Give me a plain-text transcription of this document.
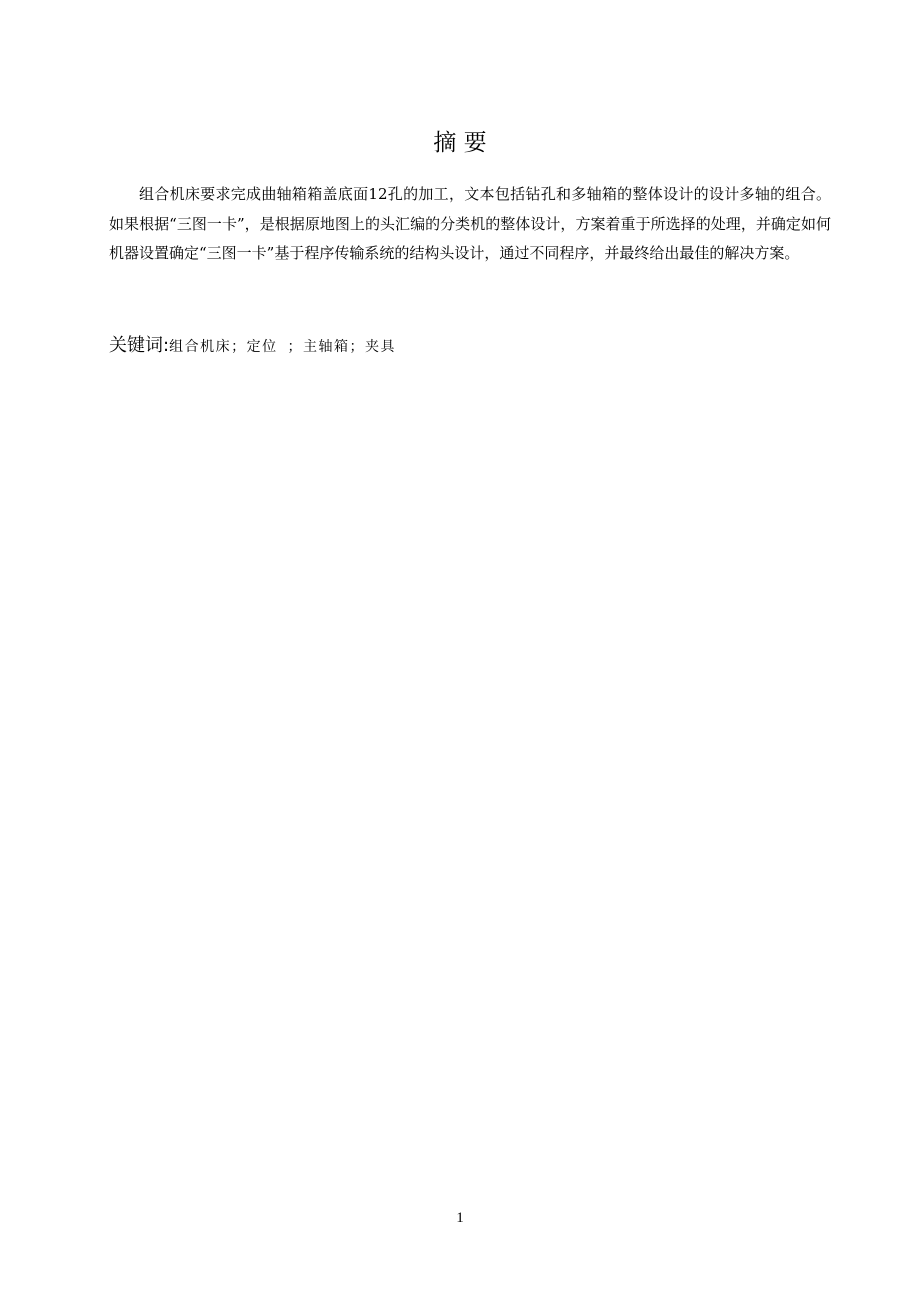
摘 要

组合机床要求完成曲轴箱箱盖底面12孔的加工，文本包括钻孔和多轴箱的整体设计的设计多轴的组合。如果根据“三图一卡”，是根据原地图上的头汇编的分类机的整体设计，方案着重于所选择的处理，并确定如何机器设置确定“三图一卡”基于程序传输系统的结构头设计，通过不同程序，并最终给出最佳的解决方案。

关键词:组合机床；定位 ；主轴箱；夹具

1
